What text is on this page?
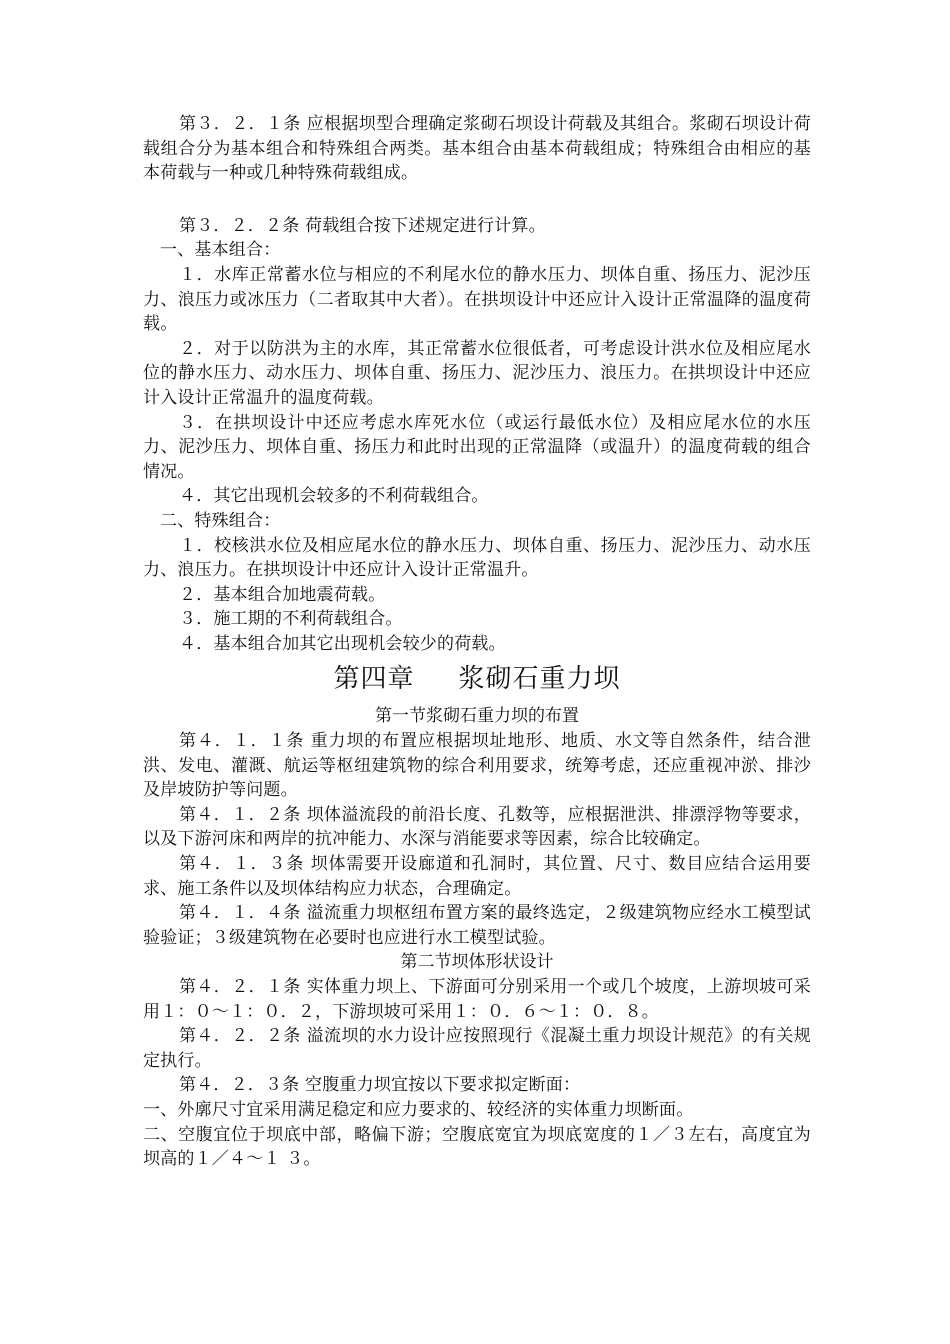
第３．２．１条 应根据坝型合理确定浆砌石坝设计荷载及其组合。浆砌石坝设计荷载组合分为基本组合和特殊组合两类。基本组合由基本荷载组成；特殊组合由相应的基本荷载与一种或几种特殊荷载组成。

第３．２．２条 荷载组合按下述规定进行计算。

一、基本组合：

１．水库正常蓄水位与相应的不利尾水位的静水压力、坝体自重、扬压力、泥沙压力、浪压力或冰压力（二者取其中大者）。在拱坝设计中还应计入设计正常温降的温度荷载。

２．对于以防洪为主的水库，其正常蓄水位很低者，可考虑设计洪水位及相应尾水位的静水压力、动水压力、坝体自重、扬压力、泥沙压力、浪压力。在拱坝设计中还应计入设计正常温升的温度荷载。

３．在拱坝设计中还应考虑水库死水位（或运行最低水位）及相应尾水位的水压力、泥沙压力、坝体自重、扬压力和此时出现的正常温降（或温升）的温度荷载的组合情况。

４．其它出现机会较多的不利荷载组合。

二、特殊组合：

１．校核洪水位及相应尾水位的静水压力、坝体自重、扬压力、泥沙压力、动水压力、浪压力。在拱坝设计中还应计入设计正常温升。

２．基本组合加地震荷载。

３．施工期的不利荷载组合。

４．基本组合加其它出现机会较少的荷载。

第四章 浆砌石重力坝

第一节浆砌石重力坝的布置

第４．１．１条 重力坝的布置应根据坝址地形、地质、水文等自然条件，结合泄洪、发电、灌溉、航运等枢纽建筑物的综合利用要求，统筹考虑，还应重视冲淤、排沙及岸坡防护等问题。

第４．１．２条 坝体溢流段的前沿长度、孔数等，应根据泄洪、排漂浮物等要求，以及下游河床和两岸的抗冲能力、水深与消能要求等因素，综合比较确定。

第４．１．３条 坝体需要开设廊道和孔洞时，其位置、尺寸、数目应结合运用要求、施工条件以及坝体结构应力状态，合理确定。

第４．１．４条 溢流重力坝枢纽布置方案的最终选定，２级建筑物应经水工模型试验验证；３级建筑物在必要时也应进行水工模型试验。

第二节坝体形状设计

第４．２．１条 实体重力坝上、下游面可分别采用一个或几个坡度，上游坝坡可采用１：０～１：０．２，下游坝坡可采用１：０．６～１：０．８。

第４．２．２条 溢流坝的水力设计应按照现行《混凝土重力坝设计规范》的有关规定执行。

第４．２．３条 空腹重力坝宜按以下要求拟定断面：

一、外廓尺寸宜采用满足稳定和应力要求的、较经济的实体重力坝断面。

二、空腹宜位于坝底中部，略偏下游；空腹底宽宜为坝底宽度的１／３左右，高度宜为坝高的１／４～１ ３。
